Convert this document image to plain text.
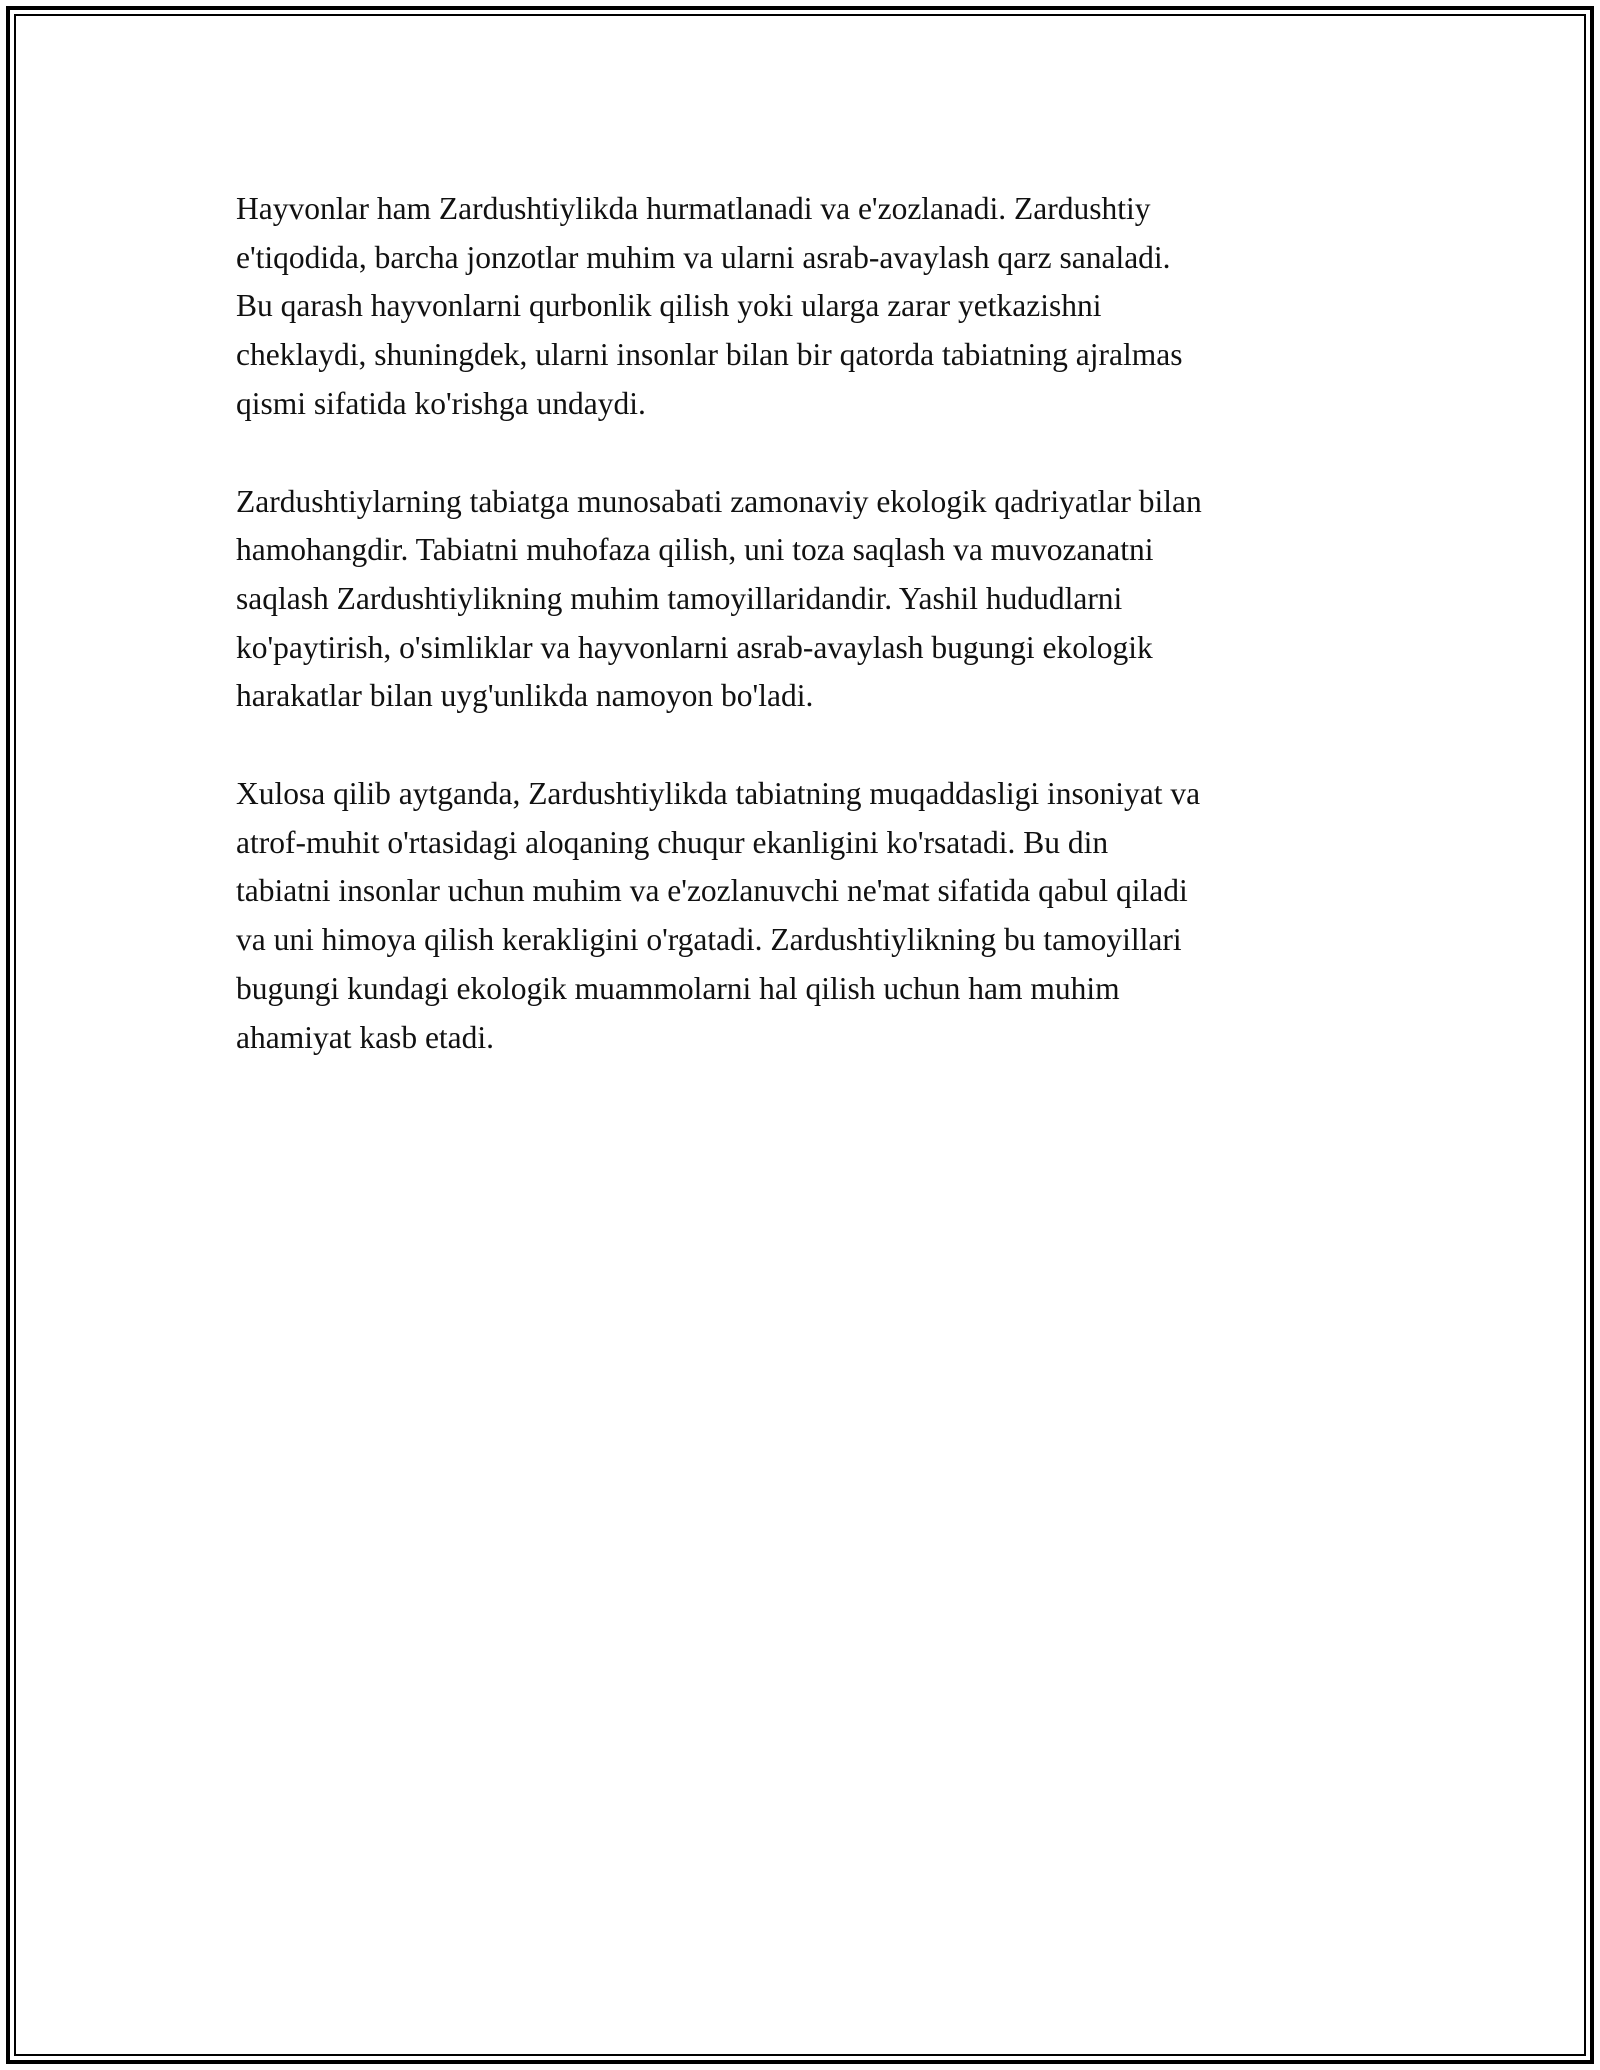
Hayvonlar ham Zardushtiylikda hurmatlanadi va e'zozlanadi. Zardushtiy
e'tiqodida, barcha jonzotlar muhim va ularni asrab-avaylash qarz sanaladi.
Bu qarash hayvonlarni qurbonlik qilish yoki ularga zarar yetkazishni
cheklaydi, shuningdek, ularni insonlar bilan bir qatorda tabiatning ajralmas
qismi sifatida ko'rishga undaydi.

Zardushtiylarning tabiatga munosabati zamonaviy ekologik qadriyatlar bilan
hamohangdir. Tabiatni muhofaza qilish, uni toza saqlash va muvozanatni
saqlash Zardushtiylikning muhim tamoyillaridandir. Yashil hududlarni
ko'paytirish, o'simliklar va hayvonlarni asrab-avaylash bugungi ekologik
harakatlar bilan uyg'unlikda namoyon bo'ladi.

Xulosa qilib aytganda, Zardushtiylikda tabiatning muqaddasligi insoniyat va
atrof-muhit o'rtasidagi aloqaning chuqur ekanligini ko'rsatadi. Bu din
tabiatni insonlar uchun muhim va e'zozlanuvchi ne'mat sifatida qabul qiladi
va uni himoya qilish kerakligini o'rgatadi. Zardushtiylikning bu tamoyillari
bugungi kundagi ekologik muammolarni hal qilish uchun ham muhim
ahamiyat kasb etadi.
